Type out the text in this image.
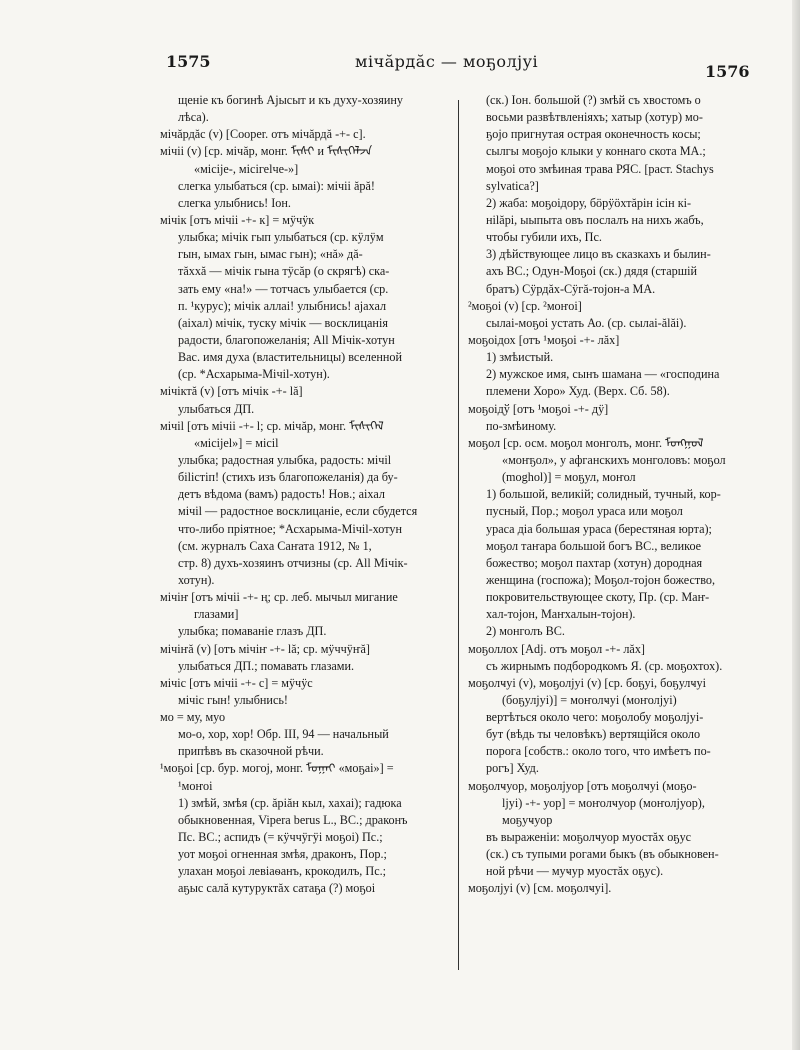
1575	мічăрдăс — моҕолјуі
1576
щеніе къ богинѣ Аjысыт и къ духу-хозяину
лѣса).
мічăрдăс (v) [Cooper. отъ мічăрдă -+- c].
мічіі (v) [ср. мічăр, монг. ᠮᠢᠰᠢ и ᠮᠢᠰᠢᠭᠡᠯᠵᠡ
«місіје-, місігеlче-»]
слегка улыбаться (ср. ымаі): мічіі ăрă!
слегка улыбнись! Іон.
мічік [отъ мічіі -+- к] = мÿчÿк
улыбка; мічік гып улыбаться (ср. кÿлÿм
гын, ымах гын, ымас гын); «нă» дă-
тăххă — мічік гына тÿсăр (о скрягѣ) ска-
зать ему «на!» — тотчасъ улыбается (ср.
п. ¹курус); мічік аллаі! улыбнись! ajахал
(аіхал) мічік, туску мічік — восклицанія
радости, благопожеланія; Аll Мічік-хотун
Вас. имя духа (властительницы) вселенной
(ср. *Асхарыма-Мічіl-хотун).
мічіктă (v) [отъ мічік -+- lă]
улыбаться ДП.
мічіl [отъ мічіі -+- l; ср. мічăр, монг. ᠮᠢᠰᠢᠭᠡᠯ
«місіјеl»] = місіl
улыбка; радостная улыбка, радость: мічіl
біlістіп! (стихъ изъ благопожеланія) да бу-
детъ вѣдома (вамъ) радость! Нов.; аіхал
мічіl — радостное восклицаніе, если сбудется
что-либо пріятное; *Асхарыма-Мічіl-хотун
(см. журналъ Саха Саҥата 1912, № 1,
стр. 8) духъ-хозяинъ отчизны (ср. Аll Мічік-
хотун).
мічіҥ [отъ мічіі -+- ң; ср. леб. мычыл мигание
глазами]
улыбка; помаваніе глазъ ДП.
мічіҥă (v) [отъ мічіҥ -+- lă; ср. мÿччÿҥă]
улыбаться ДП.; помавать глазами.
мічіс [отъ мічіі -+- с] = мÿчÿс
мічіс гын! улыбнись!
мо = му, муо
мо-о, хор, хор! Обр. III, 94 — начальный
припѣвъ въ сказочной рѣчи.
¹моҕоі [ср. бур. могоj, монг. ᠮᠣᠭᠠᠢ «моҕаі»] =
¹моҥоі
1) змѣй, змѣя (ср. ăріăн кыл, хахаі); гадюка
обыкновенная, Vipera berus L., ВС.; драконъ
Пс. ВС.; аспидъ (= кÿччÿгÿі моҕоі) Пс.;
уот моҕоі огненная змѣя, драконъ, Пор.;
улахан моҕоі левіаѳанъ, крокодилъ, Пс.;
аҕыс салă кутуруктăх сатаҕа (?) моҕоі
(ск.) Іон. большой (?) змѣй съ хвостомъ о
восьми развѣтвленіяхъ; хатыр (хотур) мо-
ҕоjо пригнутая острая оконечность косы;
сылгы моҕојо клыки у коннаго скота МА.;
моҕоі ото змѣиная трава РЯС. [раст. Stachys
sylvatica?]
2) жаба: моҕоідору, бöрÿöхтăрін ісін кі-
ніlăрі, ыыпыта овъ послалъ на нихъ жабъ,
чтобы губили ихъ, Пс.
3) дѣйствующее лицо въ сказкахъ и былин-
ахъ ВС.; Одун-Моҕоі (ск.) дядя (старшій
братъ) Сÿрдăх-Сÿгă-тојон-а МА.
²моҕоі (v) [ср. ²моҥоі]
сылаі-моҕоі устать Ао. (ср. сылаі-ălăі).
моҕоідох [отъ ¹моҕоі -+- лăх]
1) змѣистый.
2) мужское имя, сынъ шамана — «господина
племени Хоро» Худ. (Верх. Сб. 58).
моҕоідў [отъ ¹моҕоі -+- дÿ]
по-змѣиному.
моҕол [ср. осм. моҕол монголъ, монг. ᠮᠣᠩᠭᠣᠯ
«моҥҕол», у афганскихъ монголовъ: моҕол
(moghol)] = моҕул, моҥол
1) большой, великій; солидный, тучный, кор-
пусный, Пор.; моҕол ураса или моҕол
ураса діа большая ураса (берестяная юрта);
моҕол таҥара большой богъ ВС., великое
божество; моҕол пахтар (хотун) дородная
женщина (госпожа); Моҕол-тојон божество,
покровительствующее скоту, Пр. (ср. Маҥ-
хал-тојон, Маҥхалын-тојон).
2) монголъ ВС.
моҕоллох [Adj. отъ моҕол -+- лăх]
съ жирнымъ подбородкомъ Я. (ср. моҕохтох).
моҕолҹуі (v), моҕолјуі (v) [ср. боҕуі, боҕулҹуі
(боҕулјуі)] = моҥолҹуі (моҥолјуі)
вертѣться около чего: моҕолобу моҕолјуі-
бут (вѣдь ты человѣкъ) вертящійся около
порога [собств.: около того, что имѣетъ по-
рогъ] Худ.
моҕолҹуор, моҕолјуор [отъ моҕолҹуі (моҕо-
lјуі) -+- уор] = моҥолҹуор (моҥолјуор),
моҕуҹуор
въ выраженіи: моҕолҹуор муостăх оҕус
(ск.) съ тупыми рогами быкъ (въ обыкновен-
ной рѣчи — муҹур муостăх оҕус).
моҕолјуі (v) [см. моҕолҹуі].
